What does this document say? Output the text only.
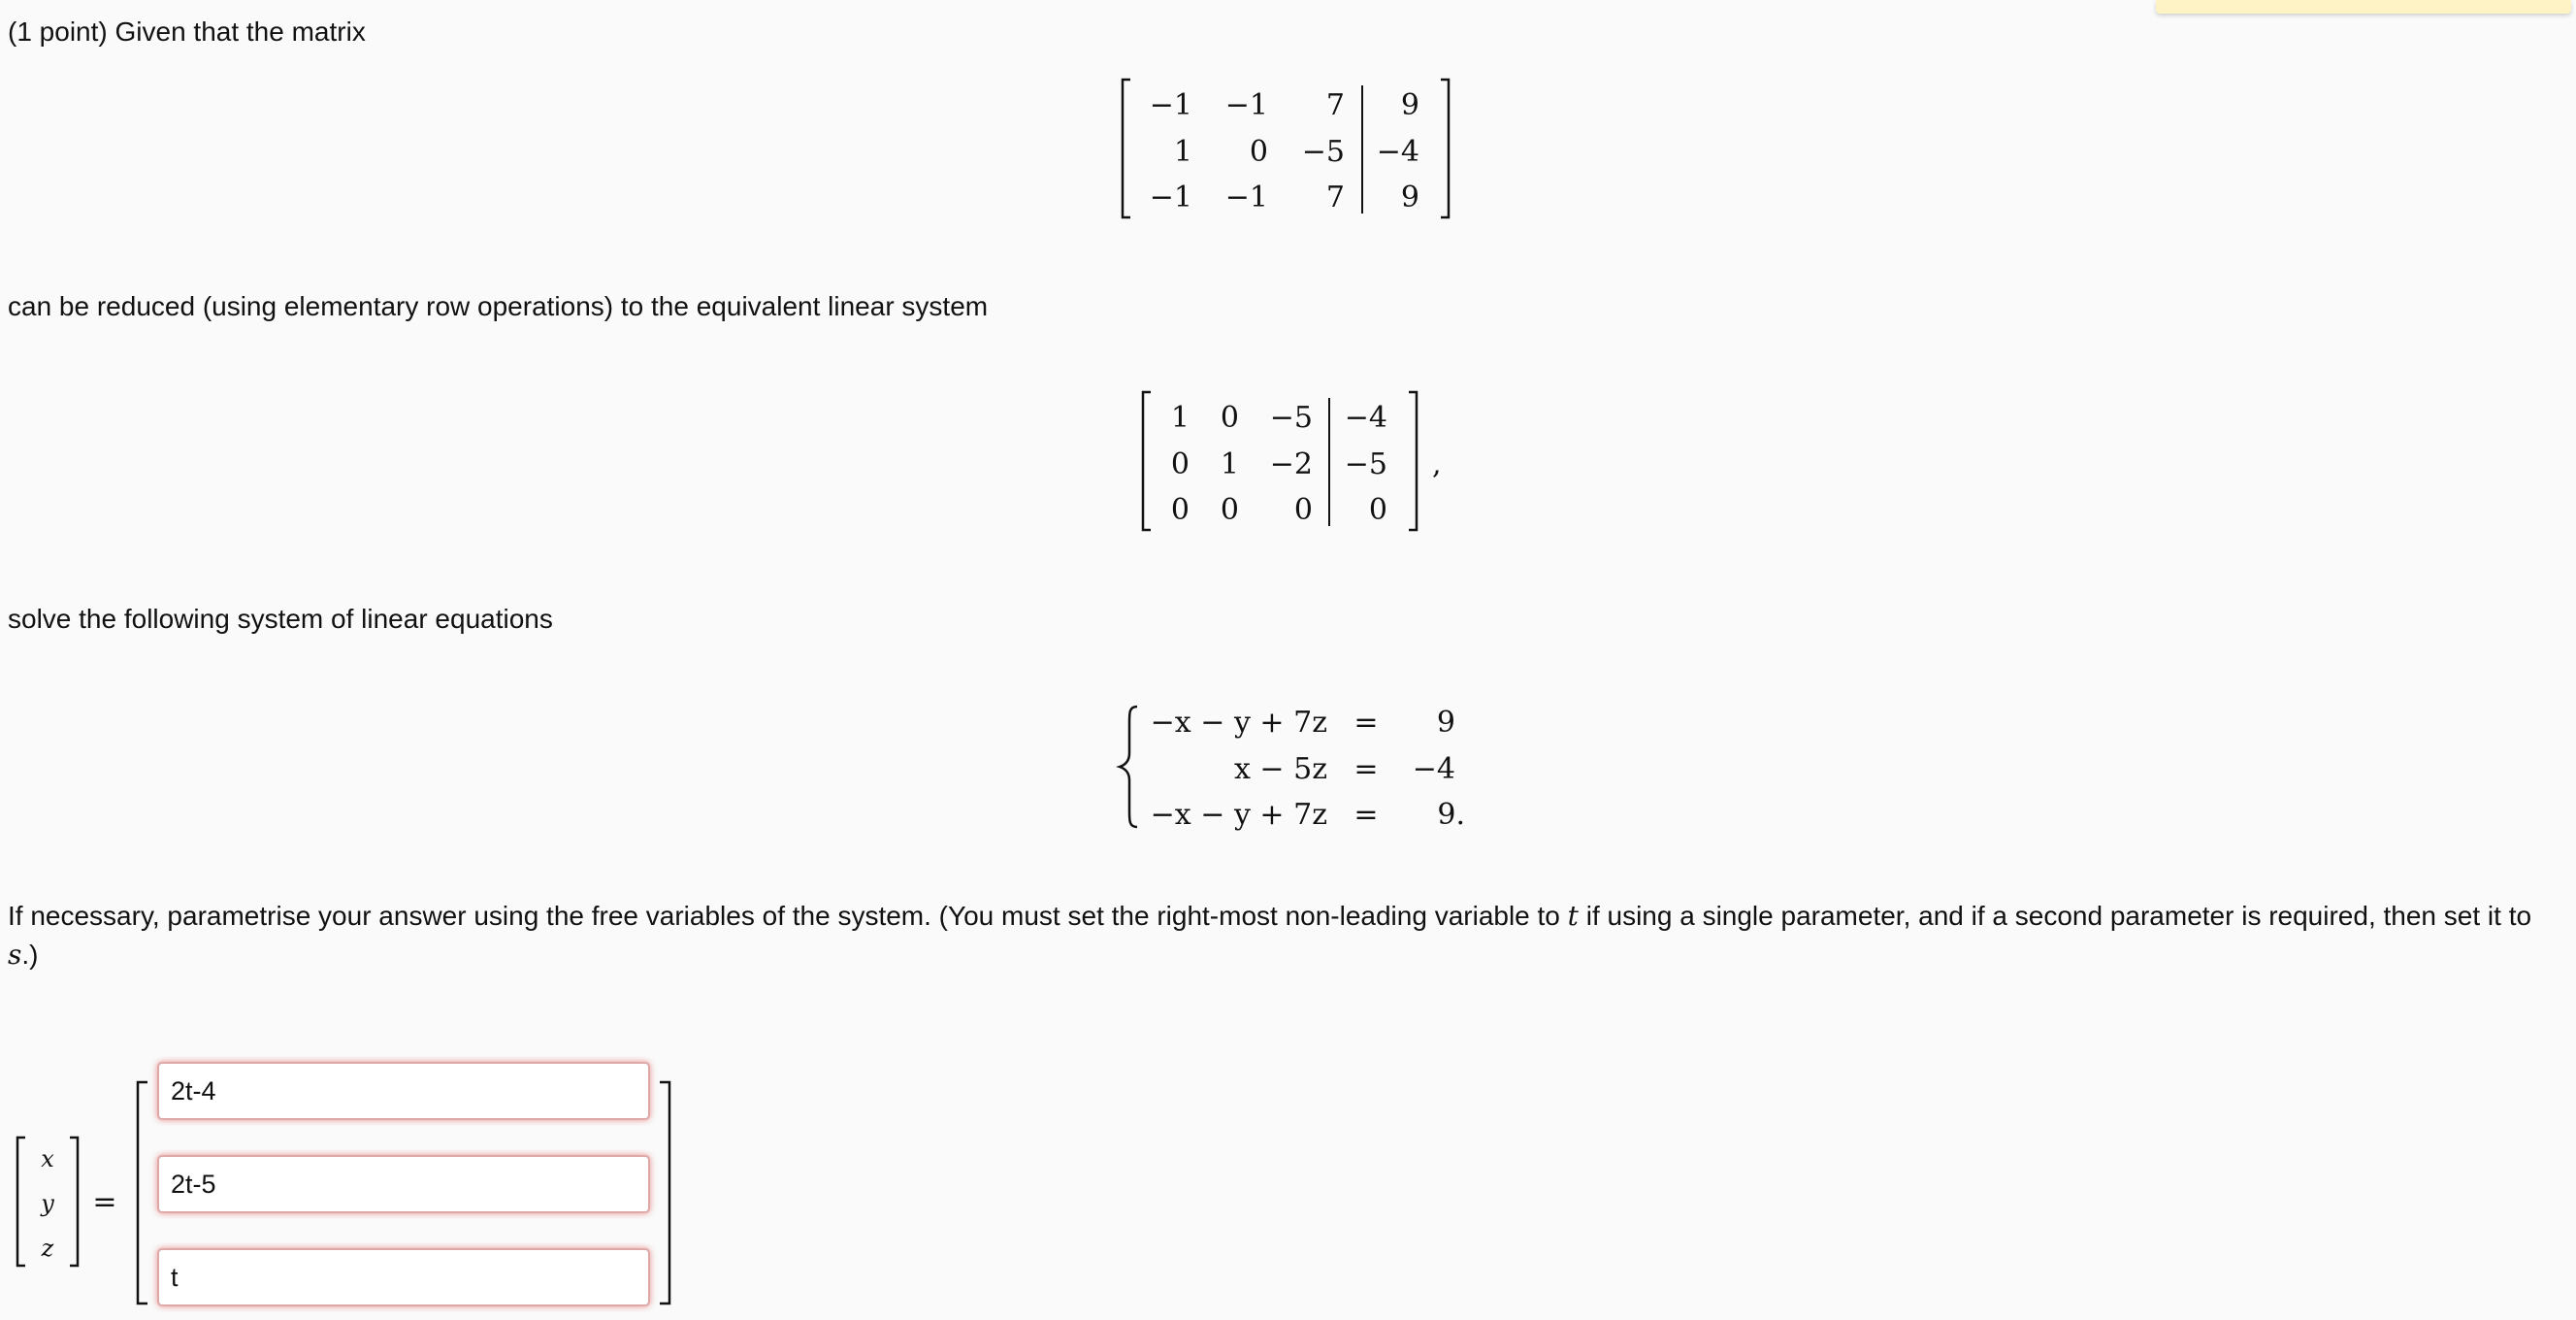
(1 point) Given that the matrix
−1 −1 7 9
1 0 −5 −4
−1 −1 7 9
can be reduced (using elementary row operations) to the equivalent linear system
1 0 −5 −4
0 1 −2 −5
0 0 0 0
,
solve the following system of linear equations
−x − y + 7z = 9
x − 5z = −4
−x − y + 7z = 9.
If necessary, parametrise your answer using the free variables of the system. (You must set the right-most non-leading variable to t if using a single parameter, and if a second parameter is required, then set it to s.)
x
y
z
=
2t-4
2t-5
t
